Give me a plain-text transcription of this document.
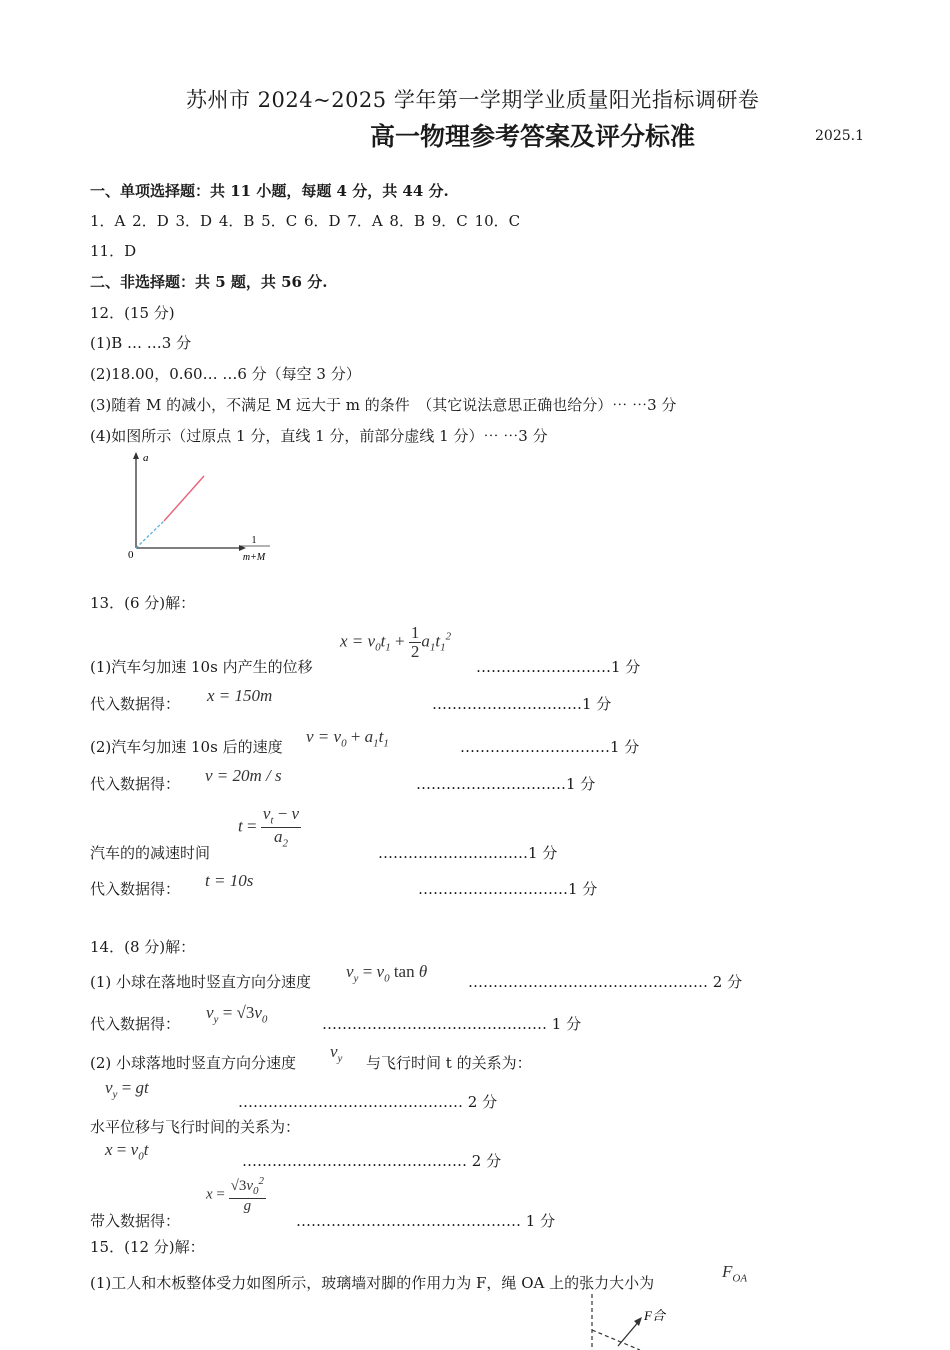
苏州市 2024~2025 学年第一学期学业质量阳光指标调研卷
高一物理参考答案及评分标准	2025.1
一、单项选择题：共 11 小题，每题 4 分，共 44 分.
1．A 2．D 3．D 4．B 5．C 6．D 7．A 8．B 9．C 10．C
11．D
二、非选择题：共 5 题，共 56 分.
12．(15 分)
(1)B … …3 分
(2)18.00，0.60… …6 分（每空 3 分）
(3)随着 M 的减小，不满足 M 远大于 m 的条件　（其它说法意思正确也给分）⋯ ⋯3 分
(4)如图所示（过原点 1 分，直线 1 分，前部分虚线 1 分）⋯ ⋯3 分
a
0
1
m+M
13．(6 分)解：
$x = v_0t_1 + \frac{1}{2} a_1t_1^2$
(1)汽车匀加速 10s 内产生的位移	………………………1 分
代入数据得： x = 150m	…………………………1 分
(2)汽车匀加速 10s 后的速度
$v = v_0 + a_1t_1$	…………………………1 分
代入数据得： v = 20m / s	…………………………1 分
$t = \frac{v_t - v}{a_2}$
汽车的的减速时间	…………………………1 分
代入数据得： t = 10s	…………………………1 分
14．(8 分)解：
(1) 小球在落地时竖直方向分速度
$v_y = v_0$ tan θ
………………………………………… 2 分
代入数据得：
$v_y = √3v_0$	……………………………………… 1 分
(2) 小球落地时竖直方向分速度
$v_y$ 与飞行时间 t 的关系为：
$v_y$ = gt
……………………………………… 2 分
水平位移与飞行时间的关系为：
$x = v_0t$
……………………………………… 2 分
$x = \frac{√3v_0^2}{g}$
带入数据得：	……………………………………… 1 分
15．(12 分)解：
(1)工人和木板整体受力如图所示，玻璃墙对脚的作用力为 F，绳 OA 上的张力大小为
$F_{OA}$
F合
